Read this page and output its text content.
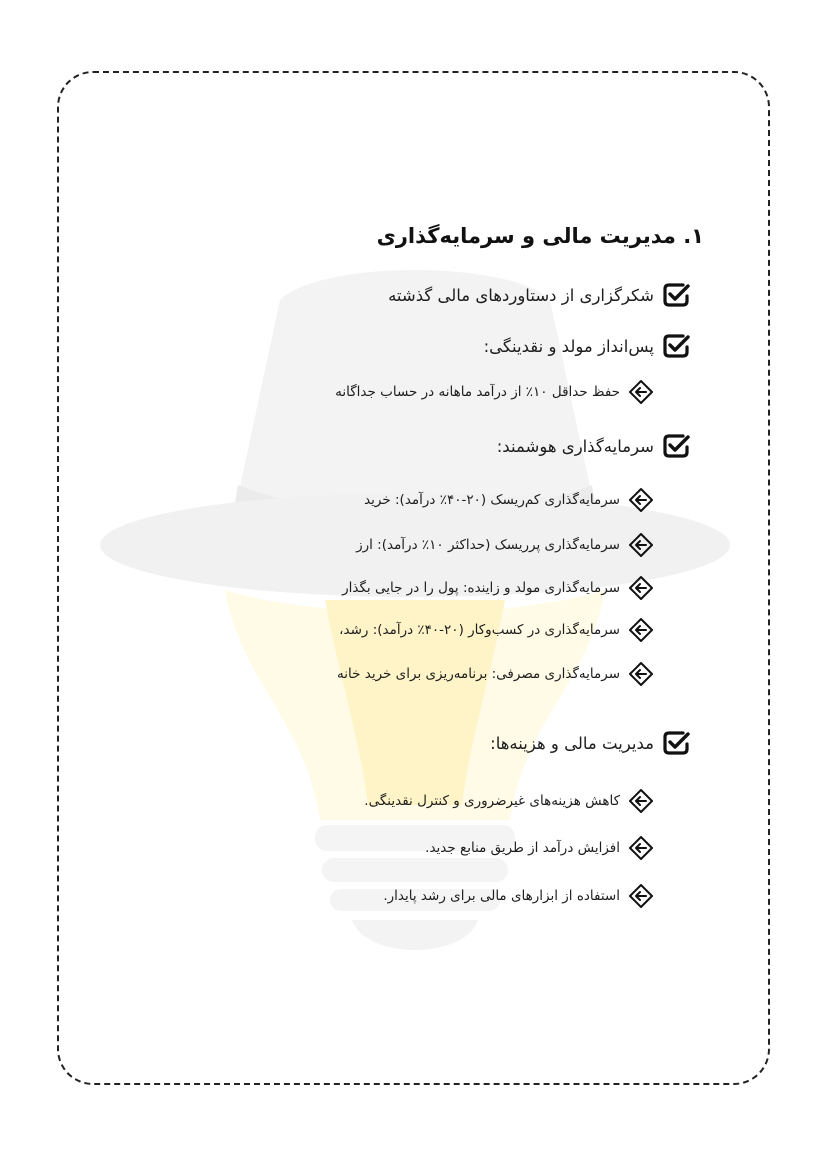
۱. مدیریت مالی و سرمایه‌گذاری
شکرگزاری از دستاوردهای مالی گذشته
پس‌انداز مولد و نقدینگی:
حفظ حداقل ۱۰٪ از درآمد ماهانه در حساب جداگانه
سرمایه‌گذاری هوشمند:
سرمایه‌گذاری کم‌ریسک (۲۰-۴۰٪ درآمد): خرید
سرمایه‌گذاری پرریسک (حداکثر ۱۰٪ درآمد): ارز
سرمایه‌گذاری مولد و زاینده: پول را در جایی بگذار
سرمایه‌گذاری در کسب‌وکار (۲۰-۴۰٪ درآمد): رشد،
سرمایه‌گذاری مصرفی: برنامه‌ریزی برای خرید خانه
مدیریت مالی و هزینه‌ها:
کاهش هزینه‌های غیرضروری و کنترل نقدینگی.
افزایش درآمد از طریق منابع جدید.
استفاده از ابزارهای مالی برای رشد پایدار.
